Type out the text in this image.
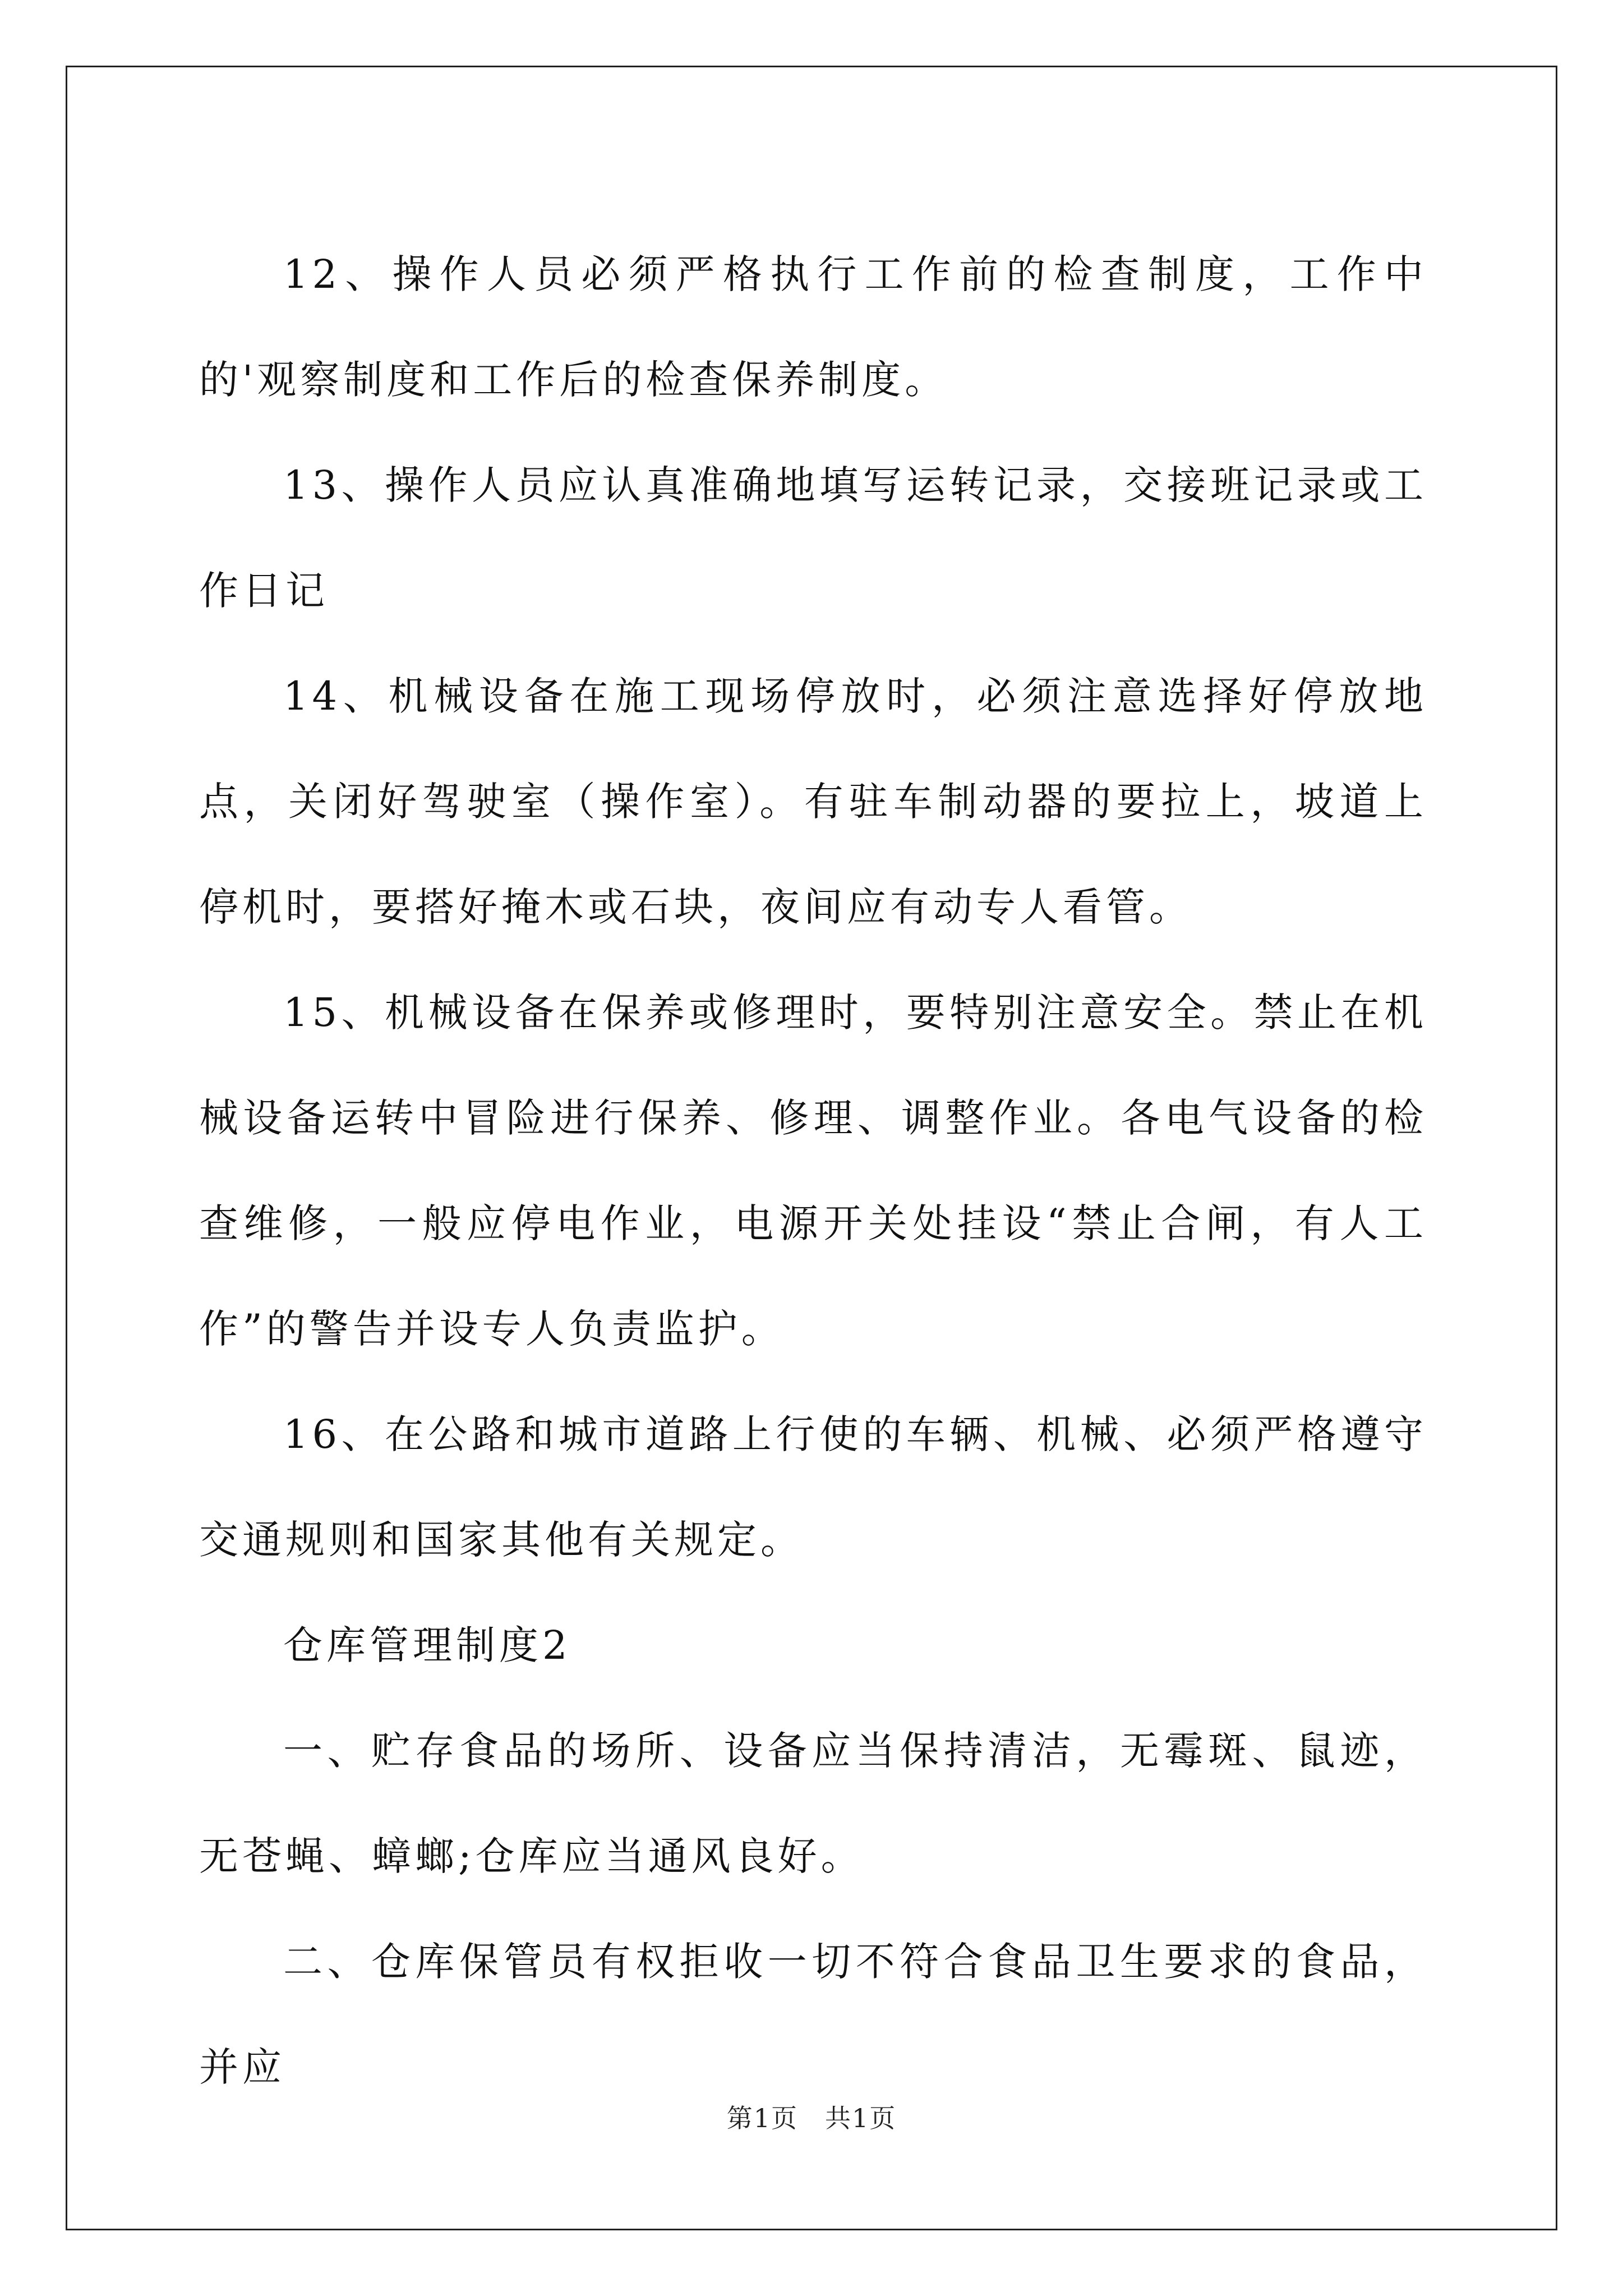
12、操作人员必须严格执行工作前的检查制度，工作中的'观察制度和工作后的检查保养制度。

13、操作人员应认真准确地填写运转记录，交接班记录或工作日记

14、机械设备在施工现场停放时，必须注意选择好停放地点，关闭好驾驶室（操作室）。有驻车制动器的要拉上，坡道上停机时，要搭好掩木或石块，夜间应有动专人看管。

15、机械设备在保养或修理时，要特别注意安全。禁止在机械设备运转中冒险进行保养、修理、调整作业。各电气设备的检查维修，一般应停电作业，电源开关处挂设“禁止合闸，有人工作”的警告并设专人负责监护。

16、在公路和城市道路上行使的车辆、机械、必须严格遵守交通规则和国家其他有关规定。

仓库管理制度2

一、贮存食品的场所、设备应当保持清洁，无霉斑、鼠迹，无苍蝇、蟑螂;仓库应当通风良好。

二、仓库保管员有权拒收一切不符合食品卫生要求的食品，并应

第1页　共1页
